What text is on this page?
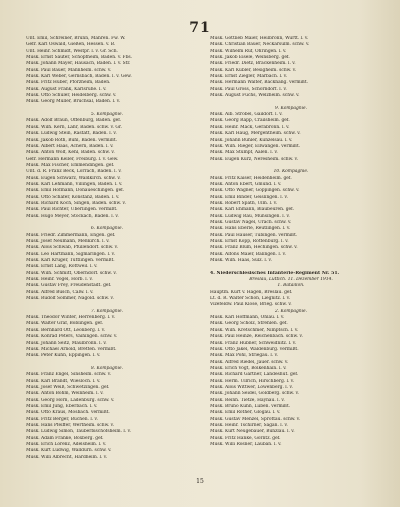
71
Unt. Emil, Schreiner, Brünn, Mähren. Fw. W.
Gefr. Karl Oswald, Gießen, Hessen. v. B.
Unt. Heinr. Schmidt, Westpr. l. v. Gr. Sch.
Musk. Ernst Sauter, Schopfheim, Baden. v. Fbs.
Musk. Johann Mayer, Hausach, Baden. l. v. Str.
Musk. Paul Bauer, Mannheim. schw. v.
Musk. Karl Weber, Gernsbach, Baden. l. v. Gew.
Musk. Fritz Huber, Pforzheim, Baden.
Musk. August Frank, Karlsruhe. l. v.
Musk. Otto Schuler, Heidelberg. schw. v.
Musk. Georg Müller, Bruchsal, Baden. l. v.
5. Kompagnie.
Musk. Adolf Braun, Offenburg, Baden. gef.
Musk. Wilh. Kern, Lahr, Baden. schw. v. Gr.
Musk. Ludwig Stein, Rastatt, Baden. l. v.
Musk. Jakob Roth, Bühl, Baden. vermißt.
Musk. Albert Haas, Achern, Baden. l. v.
Musk. Anton Wolf, Kehl, Baden. schw. v.
Gefr. Hermann Keller, Freiburg. l. v. Gew.
Musk. Max Fischer, Emmendingen. gef.
Unt. d. R. Franz Beck, Lörrach, Baden. l. v.
Musk. Eugen Schwarz, Waldkirch. schw. v.
Musk. Karl Lehmann, Villingen, Baden. l. v.
Musk. Emil Hofmann, Donaueschingen. gef.
Musk. Otto Schäfer, Konstanz, Baden. l. v.
Musk. Richard Koch, Singen, Baden. schw. v.
Musk. Paul Richter, Überlingen. vermißt.
Musk. Hugo Meyer, Stockach, Baden. l. v.
6. Kompagnie.
Musk. Friedr. Zimmermann, Engen. gef.
Musk. Josef Neumann, Meßkirch. l. v.
Musk. Alois Schwab, Pfullendorf. schw. v.
Musk. Leo Hartmann, Sigmaringen. l. v.
Musk. Karl Krüger, Tuttlingen. vermißt.
Musk. Ernst Lang, Rottweil. l. v.
Musk. Wilh. Schmitt, Oberndorf. schw. v.
Musk. Heinr. Vogel, Horb. l. v.
Musk. Gustav Frey, Freudenstadt. gef.
Musk. Alfred Busch, Calw. l. v.
Musk. Rudolf Sommer, Nagold. schw. v.
7. Kompagnie.
Musk. Theodor Winter, Herrenberg. l. v.
Musk. Walter Graf, Böblingen. gef.
Musk. Bernhard Ott, Leonberg. l. v.
Musk. Konrad Peters, Vaihingen. schw. v.
Musk. Johann Seitz, Maulbronn. l. v.
Musk. Michael Arnold, Bretten. vermißt.
Musk. Peter Kuhn, Eppingen. l. v.
8. Kompagnie.
Musk. Franz Engel, Sinsheim. schw. v.
Musk. Karl Brandt, Wiesloch. l. v.
Musk. Josef Weiß, Schwetzingen. gef.
Musk. Anton Böhm, Weinheim. l. v.
Musk. Georg Horn, Ladenburg. schw. v.
Musk. Emil Jung, Eberbach. l. v.
Musk. Otto Kraus, Mosbach. vermißt.
Musk. Fritz Berger, Buchen. l. v.
Musk. Hans Pfeiffer, Wertheim. schw. v.
Musk. Ludwig Simon, Tauberbischofsheim. l. v.
Musk. Adam Franke, Boxberg. gef.
Musk. Erich Lorenz, Adelsheim. l. v.
Musk. Kurt Ludwig, Walldürn. schw. v.
Musk. Willi Albrecht, Hardheim. l. v.
Musk. Gottlieb Maier, Heilbronn, Württ. l. v.
Musk. Christian Bauer, Neckarsulm. schw. v.
Musk. Wilhelm Ruf, Öhringen. l. v.
Musk. Jakob Eisele, Weinsberg. gef.
Musk. Friedr. Dietz, Brackenheim. l. v.
Musk. Karl Kübler, Besigheim. schw. v.
Musk. Ernst Ziegler, Marbach. l. v.
Musk. Hermann Walter, Backnang. vermißt.
Musk. Paul Gross, Schorndorf. l. v.
Musk. August Fuchs, Welzheim. schw. v.
9. Kompagnie.
Musk. Alb. Strobel, Gaildorf. l. v.
Musk. Georg Rapp, Crailsheim. gef.
Musk. Heinr. Mack, Gerabronn. l. v.
Musk. Karl Haug, Mergentheim. schw. v.
Musk. Johann Bühler, Künzelsau. l. v.
Musk. Wilh. Rieger, Ellwangen. vermißt.
Musk. Max Stumpf, Aalen. l. v.
Musk. Eugen Kurz, Neresheim. schw. v.
10. Kompagnie.
Musk. Fritz Kaiser, Heidenheim. gef.
Musk. Anton Ebert, Gmünd. l. v.
Musk. Otto Wagner, Göppingen. schw. v.
Musk. Emil Binder, Geislingen. l. v.
Musk. Robert Späth, Ulm. l. v.
Musk. Karl Ehmann, Blaubeuren. gef.
Musk. Ludwig Rau, Münsingen. l. v.
Musk. Gustav Nagel, Urach. schw. v.
Musk. Hans Eberle, Reutlingen. l. v.
Musk. Paul Hauser, Tübingen. vermißt.
Musk. Ernst Kopp, Rottenburg. l. v.
Musk. Franz Blum, Hechingen. schw. v.
Musk. Alfons Maier, Balingen. l. v.
Musk. Wilh. Haas, Sulz. l. v.
4. Niederschlesisches Infanterie-Regiment Nr. 51.
Breslau, Lüttich. 11. Dezember 1914.
1. Bataillon.
Hauptm. Kurt v. Hagen, Breslau. gef.
Lt. d. R. Walter Schön, Liegnitz. l. v.
Vizefeldw. Paul Klose, Brieg. schw. v.
2. Kompagnie.
Musk. Karl Hoffmann, Ohlau. l. v.
Musk. Georg Scholz, Strehlen. gef.
Musk. Wilh. Kretschmer, Nimptsch. l. v.
Musk. Paul Heinze, Reichenbach. schw. v.
Musk. Franz Hübner, Schweidnitz. l. v.
Musk. Otto Jäkel, Waldenburg. vermißt.
Musk. Max Pohl, Striegau. l. v.
Musk. Alfred Riedel, Jauer. schw. v.
Musk. Erich Vogt, Bolkenhain. l. v.
Musk. Richard Gärtner, Landeshut. gef.
Musk. Herm. Ullrich, Hirschberg. l. v.
Musk. Alois Wittwer, Löwenberg. l. v.
Musk. Johann Seidel, Goldberg. schw. v.
Musk. Reinh. Tietze, Haynau. l. v.
Musk. Bruno Kühn, Lüben. vermißt.
Musk. Emil Rother, Glogau. l. v.
Musk. Gustav Menzel, Sprottau. schw. v.
Musk. Heinr. Tschirner, Sagan. l. v.
Musk. Kurt Neugebauer, Bunzlau. l. v.
Musk. Fritz Hanke, Görlitz. gef.
Musk. Willi Rösner, Lauban. l. v.
15
